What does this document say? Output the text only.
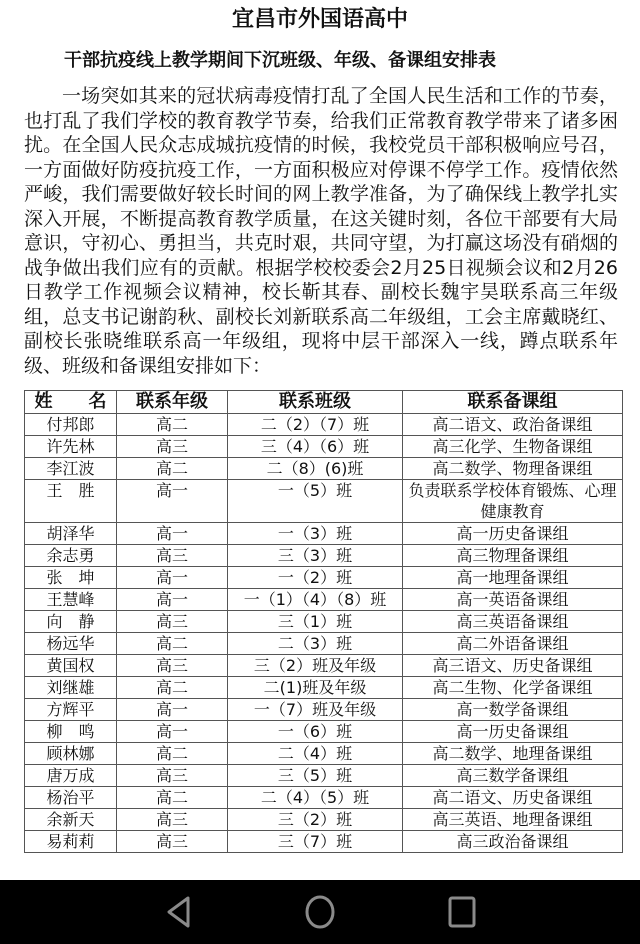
宜昌市外国语高中
干部抗疫线上教学期间下沉班级、年级、备课组安排表

一场突如其来的冠状病毒疫情打乱了全国人民生活和工作的节奏，也打乱了我们学校的教育教学节奏，给我们正常教育教学带来了诸多困扰。在全国人民众志成城抗疫情的时候，我校党员干部积极响应号召，一方面做好防疫抗疫工作，一方面积极应对停课不停学工作。疫情依然严峻，我们需要做好较长时间的网上教学准备，为了确保线上教学扎实深入开展，不断提高教育教学质量，在这关键时刻，各位干部要有大局意识，守初心、勇担当，共克时艰，共同守望，为打赢这场没有硝烟的战争做出我们应有的贡献。根据学校校委会2月25日视频会议和2月26日教学工作视频会议精神，校长靳其春、副校长魏宇昊联系高三年级组，总支书记谢韵秋、副校长刘新联系高二年级组，工会主席戴晓红、副校长张晓维联系高一年级组，现将中层干部深入一线，蹲点联系年级、班级和备课组安排如下：

姓　　名	联系年级	联系班级	联系备课组
付邦郎	高二	二（2）（7）班	高二语文、政治备课组
许先林	高三	三（4）（6）班	高三化学、生物备课组
李江波	高二	二（8）(6)班	高二数学、物理备课组
王　胜	高一	一（5）班	负责联系学校体育锻炼、心理健康教育
胡泽华	高一	一（3）班	高一历史备课组
余志勇	高三	三（3）班	高三物理备课组
张　坤	高一	一（2）班	高一地理备课组
王慧峰	高一	一（1）（4）（8）班	高一英语备课组
向　静	高三	三（1）班	高三英语备课组
杨远华	高二	二（3）班	高二外语备课组
黄国权	高三	三（2）班及年级	高三语文、历史备课组
刘继雄	高二	二(1)班及年级	高二生物、化学备课组
方辉平	高一	一（7）班及年级	高一数学备课组
柳　鸣	高一	一（6）班	高一历史备课组
顾林娜	高二	二（4）班	高二数学、地理备课组
唐万成	高三	三（5）班	高三数学备课组
杨治平	高二	二（4）（5）班	高二语文、历史备课组
余新天	高三	三（2）班	高三英语、地理备课组
易莉莉	高三	三（7）班	高三政治备课组
